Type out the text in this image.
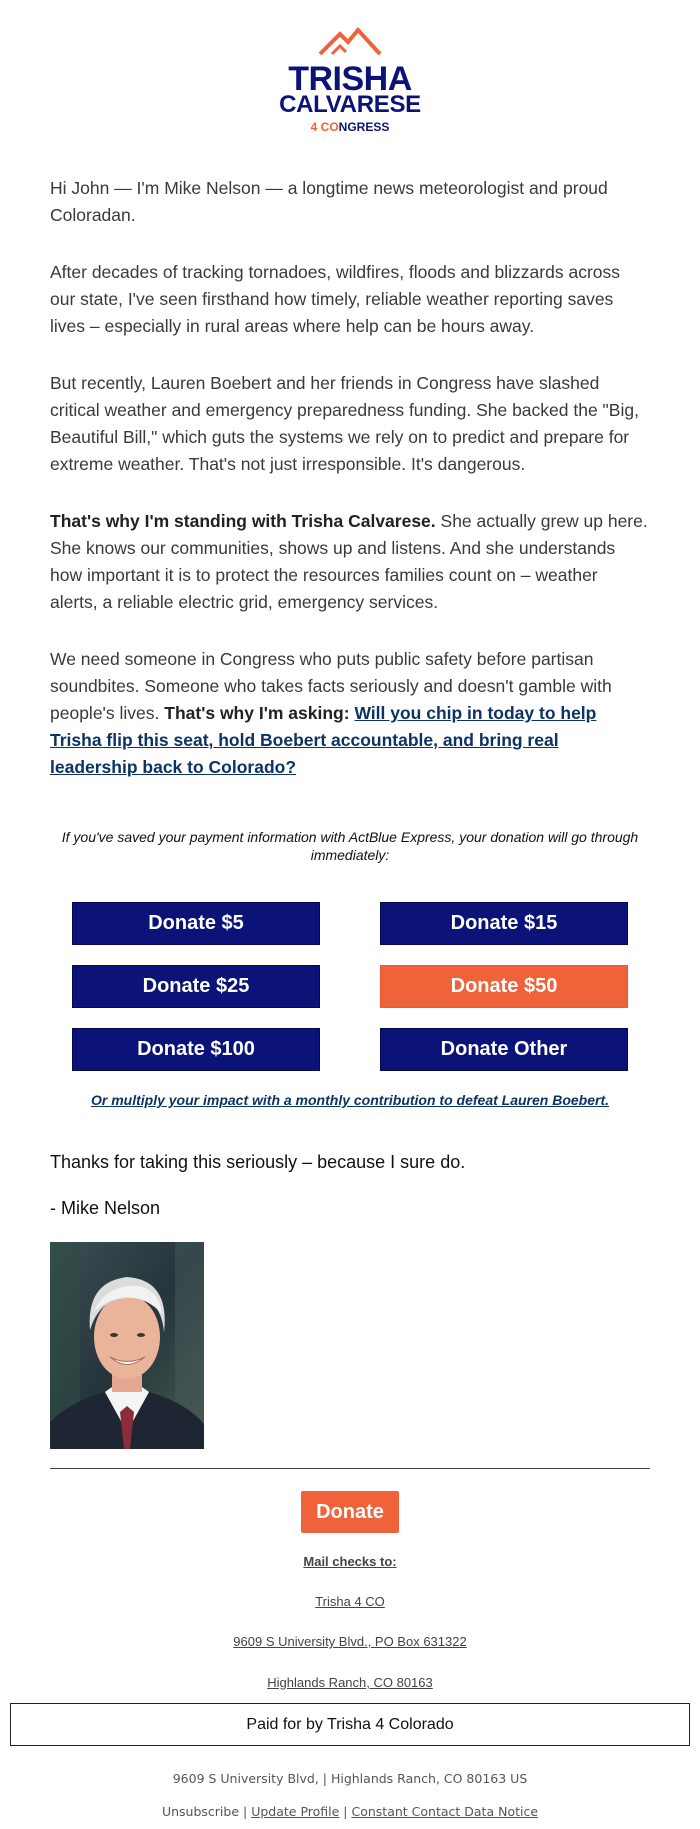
TRISHA
CALVARESE
4 CONGRESS

Hi John — I'm Mike Nelson — a longtime news meteorologist and proud Coloradan.

After decades of tracking tornadoes, wildfires, floods and blizzards across our state, I've seen firsthand how timely, reliable weather reporting saves lives – especially in rural areas where help can be hours away.

But recently, Lauren Boebert and her friends in Congress have slashed critical weather and emergency preparedness funding. She backed the "Big, Beautiful Bill," which guts the systems we rely on to predict and prepare for extreme weather. That's not just irresponsible. It's dangerous.

That's why I'm standing with Trisha Calvarese. She actually grew up here. She knows our communities, shows up and listens. And she understands how important it is to protect the resources families count on – weather alerts, a reliable electric grid, emergency services.

We need someone in Congress who puts public safety before partisan soundbites. Someone who takes facts seriously and doesn't gamble with people's lives. That's why I'm asking: Will you chip in today to help Trisha flip this seat, hold Boebert accountable, and bring real leadership back to Colorado?

If you've saved your payment information with ActBlue Express, your donation will go through immediately:
Donate $5	Donate $15
Donate $25	Donate $50
Donate $100	Donate Other
Or multiply your impact with a monthly contribution to defeat Lauren Boebert.
Thanks for taking this seriously – because I sure do.
- Mike Nelson
Donate
Mail checks to:
Trisha 4 CO
9609 S University Blvd., PO Box 631322
Highlands Ranch, CO 80163
Paid for by Trisha 4 Colorado
9609 S University Blvd, | Highlands Ranch, CO 80163 US
Unsubscribe | Update Profile | Constant Contact Data Notice
